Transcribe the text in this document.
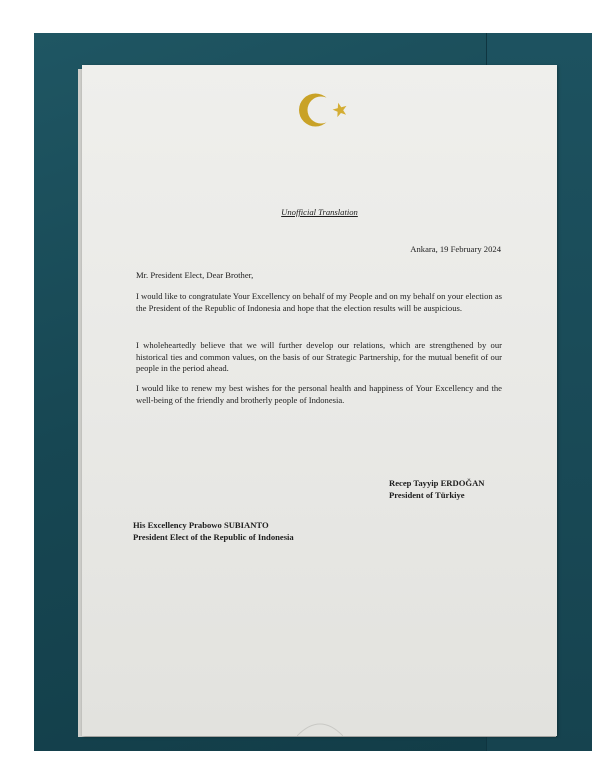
Unofficial Translation

Ankara, 19 February 2024

Mr. President Elect, Dear Brother,

I would like to congratulate Your Excellency on behalf of my People and on my behalf on your election as the President of the Republic of Indonesia and hope that the election results will be auspicious.

I wholeheartedly believe that we will further develop our relations, which are strengthened by our historical ties and common values, on the basis of our Strategic Partnership, for the mutual benefit of our people in the period ahead.

I would like to renew my best wishes for the personal health and happiness of Your Excellency and the well-being of the friendly and brotherly people of Indonesia.

Recep Tayyip ERDOĞAN
President of Türkiye
His Excellency Prabowo SUBIANTO
President Elect of the Republic of Indonesia
